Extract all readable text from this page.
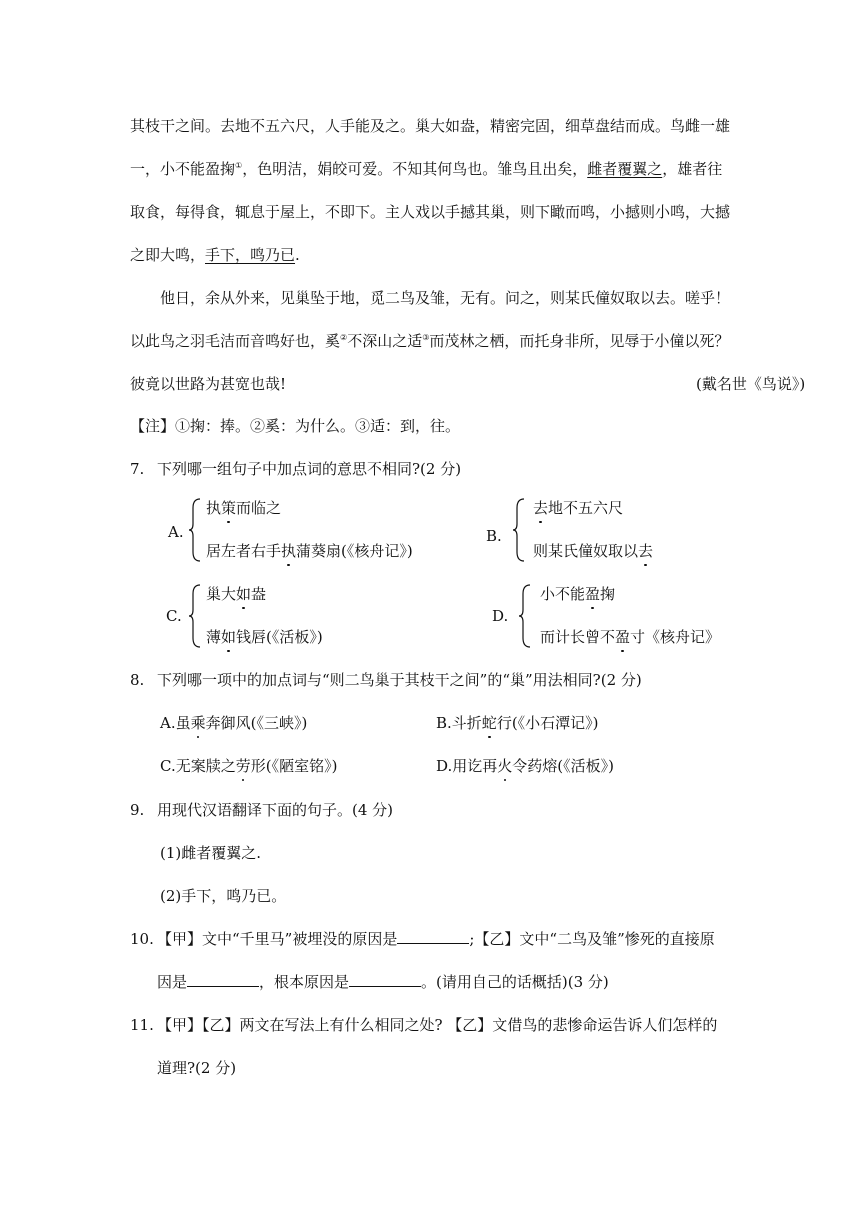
其枝干之间。去地不五六尺，人手能及之。巢大如盎，精密完固，细草盘结而成。鸟雌一雄
一，小不能盈掬①，色明洁，娟皎可爱。不知其何鸟也。雏鸟且出矣，雌者覆翼之，雄者往
取食，每得食，辄息于屋上，不即下。主人戏以手撼其巢，则下瞰而鸣，小撼则小鸣，大撼
之即大鸣，手下，鸣乃已.
他日，余从外来，见巢坠于地，觅二鸟及雏，无有。问之，则某氏僮奴取以去。嗟乎！
以此鸟之羽毛洁而音鸣好也，奚②不深山之适③而茂林之栖，而托身非所，见辱于小僮以死？
彼竟以世路为甚宽也哉!	(戴名世《鸟说》)
【注】①掬：捧。②奚：为什么。③适：到，往。
7. 下列哪一组句子中加点词的意思不相同?(2 分)
A.
执策而临之
居左者右手执蒲葵扇(《核舟记》)
B.
去地不五六尺
则某氏僮奴取以去
C.
巢大如盎
薄如钱唇(《活板》)
D.
小不能盈掬
而计长曾不盈寸《核舟记》
8. 下列哪一项中的加点词与“则二鸟巢于其枝干之间”的“巢”用法相同?(2 分)
A.虽乘奔御风(《三峡》)	B.斗折蛇行(《小石潭记》)
C.无案牍之劳形(《陋室铭》)	D.用讫再火令药熔(《活板》)
9. 用现代汉语翻译下面的句子。(4 分)
(1)雌者覆翼之.
(2)手下，鸣乃已。
10. 【甲】文中“千里马”被埋没的原因是	;【乙】文中“二鸟及雏”惨死的直接原
因是	，根本原因是	。(请用自己的话概括)(3 分)
11. 【甲】【乙】两文在写法上有什么相同之处? 【乙】文借鸟的悲惨命运告诉人们怎样的
道理?(2 分)
